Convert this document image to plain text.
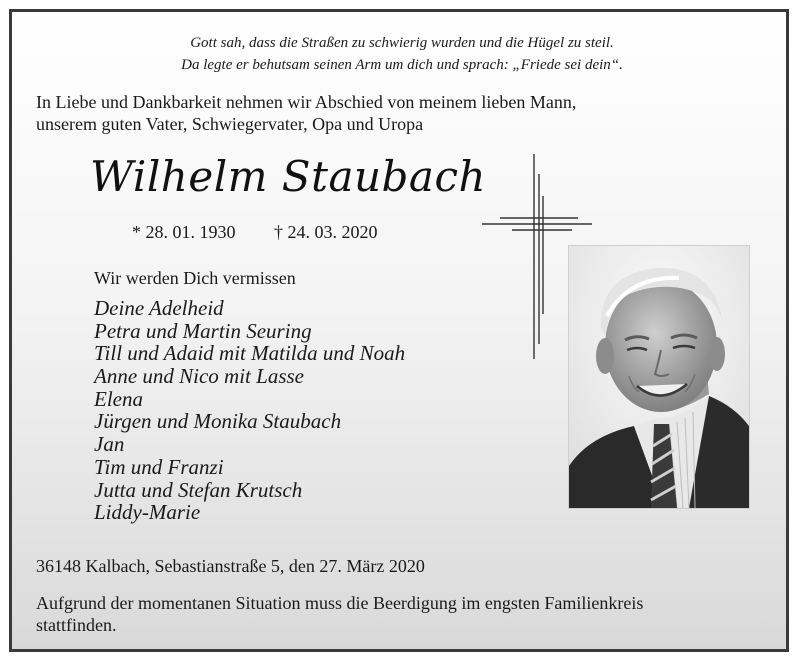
Gott sah, dass die Straßen zu schwierig wurden und die Hügel zu steil.
Da legte er behutsam seinen Arm um dich und sprach: „Friede sei dein“.
In Liebe und Dankbarkeit nehmen wir Abschied von meinem lieben Mann,
unserem guten Vater, Schwiegervater, Opa und Uropa
Wilhelm Staubach
* 28. 01. 1930 † 24. 03. 2020
Wir werden Dich vermissen
Deine Adelheid
Petra und Martin Seuring
Till und Adaid mit Matilda und Noah
Anne und Nico mit Lasse
Elena
Jürgen und Monika Staubach
Jan
Tim und Franzi
Jutta und Stefan Krutsch
Liddy-Marie
36148 Kalbach, Sebastianstraße 5, den 27. März 2020
Aufgrund der momentanen Situation muss die Beerdigung im engsten Familienkreis
stattfinden.
